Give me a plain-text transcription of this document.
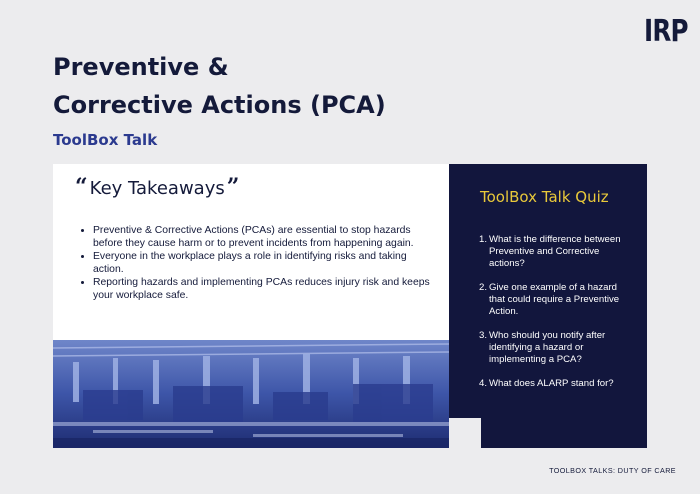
IRP
Preventive &
Corrective Actions (PCA)
ToolBox Talk
“ Key Takeaways ”
• Preventive & Corrective Actions (PCAs) are essential to stop hazards before they cause harm or to prevent incidents from happening again.
• Everyone in the workplace plays a role in identifying risks and taking action.
• Reporting hazards and implementing PCAs reduces injury risk and keeps your workplace safe.
ToolBox Talk Quiz
1. What is the difference between Preventive and Corrective actions?
2. Give one example of a hazard that could require a Preventive Action.
3. Who should you notify after identifying a hazard or implementing a PCA?
4. What does ALARP stand for?
TOOLBOX TALKS: DUTY OF CARE
